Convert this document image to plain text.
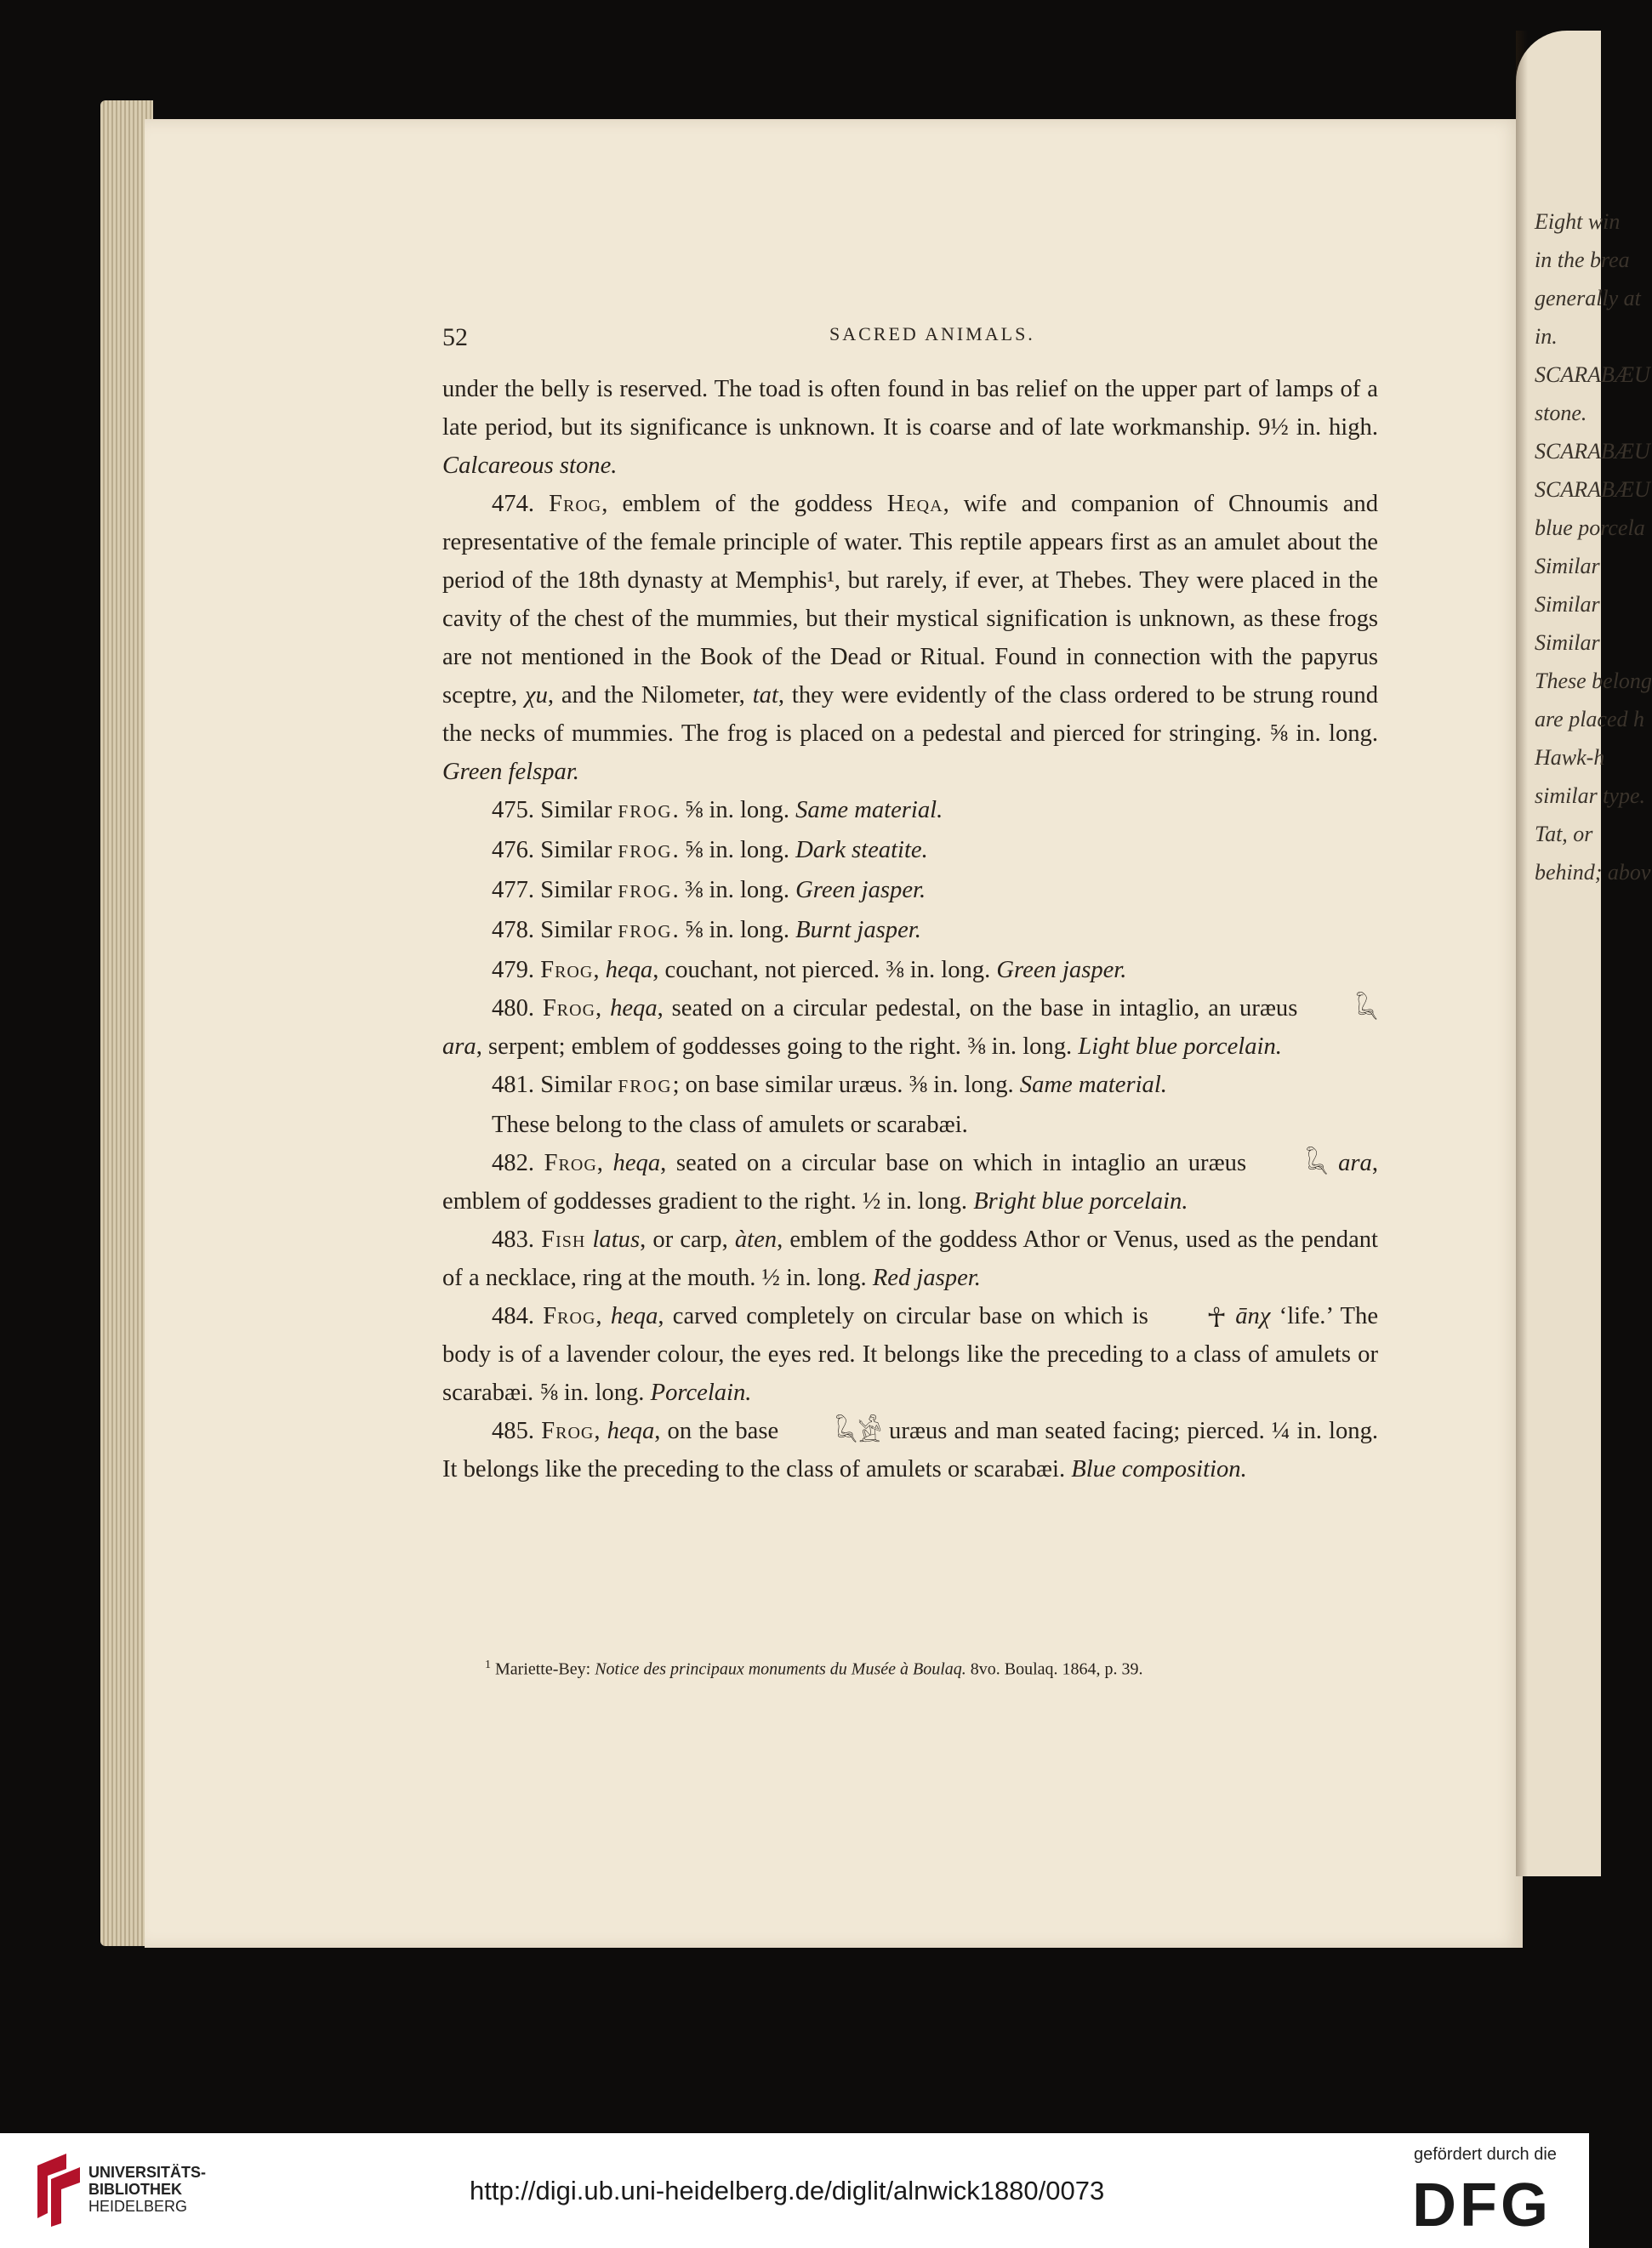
Eight win
in the brea
generally at
in.
SCARABÆU
stone.
SCARABÆU
SCARABÆU
blue porcela
Similar
Similar
Similar
These belong
are placed h
Hawk-h
similar type.
Tat, or
behind; abov
52	SACRED ANIMALS.

under the belly is reserved. The toad is often found in bas relief on the upper part of lamps of a late period, but its significance is unknown. It is coarse and of late workmanship. 9½ in. high. Calcareous stone.

474. Frog, emblem of the goddess Heqa, wife and companion of Chnoumis and representative of the female principle of water. This reptile appears first as an amulet about the period of the 18th dynasty at Memphis¹, but rarely, if ever, at Thebes. They were placed in the cavity of the chest of the mummies, but their mystical signification is unknown, as these frogs are not mentioned in the Book of the Dead or Ritual. Found in connection with the papyrus sceptre, χu, and the Nilometer, tat, they were evidently of the class ordered to be strung round the necks of mummies. The frog is placed on a pedestal and pierced for stringing. ⅝ in. long. Green felspar.

475. Similar FROG. ⅝ in. long. Same material.

476. Similar FROG. ⅝ in. long. Dark steatite.

477. Similar FROG. ⅜ in. long. Green jasper.

478. Similar FROG. ⅝ in. long. Burnt jasper.

479. Frog, heqa, couchant, not pierced. ⅜ in. long. Green jasper.

480. Frog, heqa, seated on a circular pedestal, on the base in intaglio, an uræus 𓆗 ara, serpent; emblem of goddesses going to the right. ⅜ in. long. Light blue porcelain.

481. Similar FROG; on base similar uræus. ⅜ in. long. Same material.

These belong to the class of amulets or scarabæi.

482. Frog, heqa, seated on a circular base on which in intaglio an uræus 𓆗 ara, emblem of goddesses gradient to the right. ½ in. long. Bright blue porcelain.

483. Fish latus, or carp, àten, emblem of the goddess Athor or Venus, used as the pendant of a necklace, ring at the mouth. ½ in. long. Red jasper.

484. Frog, heqa, carved completely on circular base on which is ☥ ānχ ‘life.’ The body is of a lavender colour, the eyes red. It belongs like the preceding to a class of amulets or scarabæi. ⅝ in. long. Porcelain.

485. Frog, heqa, on the base 𓆗𓀀 uræus and man seated facing; pierced. ¼ in. long. It belongs like the preceding to the class of amulets or scarabæi. Blue composition.

$^1$ Mariette-Bey: Notice des principaux monuments du Musée à Boulaq. 8vo. Boulaq. 1864, p. 39.
UNIVERSITÄTS-
BIBLIOTHEK
HEIDELBERG
http://digi.ub.uni-heidelberg.de/diglit/alnwick1880/0073
gefördert durch die
DFG
